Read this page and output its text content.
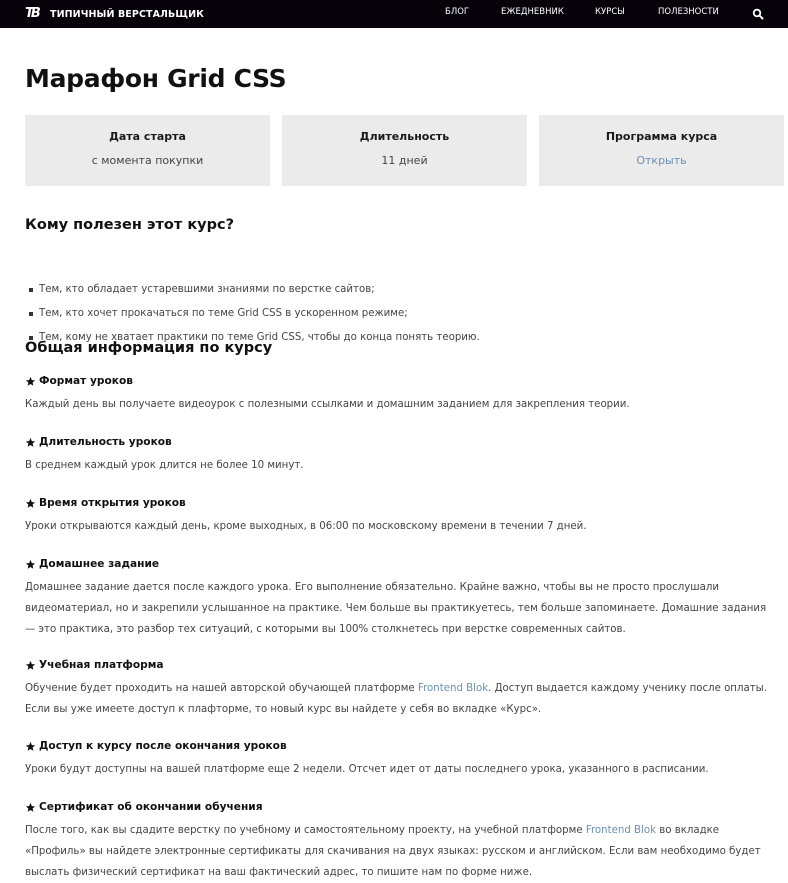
ТВ	ТИПИЧНЫЙ ВЕРСТАЛЬЩИК	БЛОГ	ЕЖЕДНЕВНИК	КУРСЫ	ПОЛЕЗНОСТИ
Марафон Grid CSS
Дата старта
с момента покупки
Длительность
11 дней
Программа курса
Открыть
Кому полезен этот курс?
Тем, кто обладает устаревшими знаниями по верстке сайтов;
Тем, кто хочет прокачаться по теме Grid CSS в ускоренном режиме;
Тем, кому не хватает практики по теме Grid CSS, чтобы до конца понять теорию.
Общая информация по курсу
Формат уроков
Каждый день вы получаете видеоурок с полезными ссылками и домашним заданием для закрепления теории.
Длительность уроков
В среднем каждый урок длится не более 10 минут.
Время открытия уроков
Уроки открываются каждый день, кроме выходных, в 06:00 по московскому времени в течении 7 дней.
Домашнее задание
Домашнее задание дается после каждого урока. Его выполнение обязательно. Крайне важно, чтобы вы не просто прослушали
видеоматериал, но и закрепили услышанное на практике. Чем больше вы практикуетесь, тем больше запоминаете. Домашние задания
— это практика, это разбор тех ситуаций, с которыми вы 100% столкнетесь при верстке современных сайтов.
Учебная платформа
Обучение будет проходить на нашей авторской обучающей платформе Frontend Blok. Доступ выдается каждому ученику после оплаты.
Если вы уже имеете доступ к плафторме, то новый курс вы найдете у себя во вкладке «Курс».
Доступ к курсу после окончания уроков
Уроки будут доступны на вашей платформе еще 2 недели. Отсчет идет от даты последнего урока, указанного в расписании.
Сертификат об окончании обучения
После того, как вы сдадите верстку по учебному и самостоятельному проекту, на учебной платформе Frontend Blok во вкладке
«Профиль» вы найдете электронные сертификаты для скачивания на двух языках: русском и английском. Если вам необходимо будет
выслать физический сертификат на ваш фактический адрес, то пишите нам по форме ниже.
